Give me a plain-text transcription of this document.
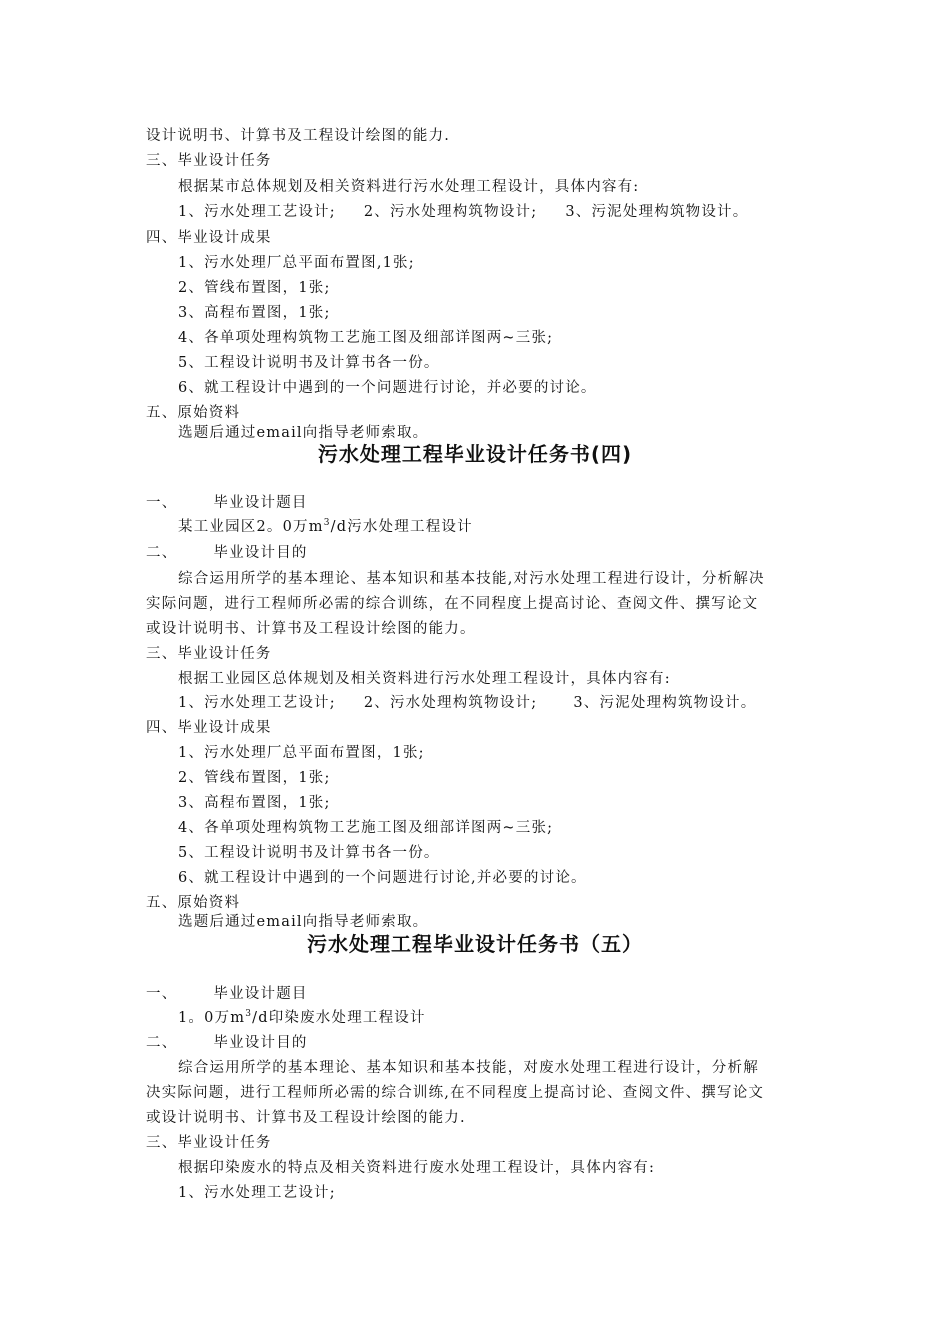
设计说明书、计算书及工程设计绘图的能力.
三、毕业设计任务
根据某市总体规划及相关资料进行污水处理工程设计，具体内容有:
1、污水处理工艺设计; 2、污水处理构筑物设计; 3、污泥处理构筑物设计。
四、毕业设计成果
1、污水处理厂总平面布置图,1张;
2、管线布置图，1张;
3、高程布置图，1张;
4、各单项处理构筑物工艺施工图及细部详图两~三张;
5、工程设计说明书及计算书各一份。
6、就工程设计中遇到的一个问题进行讨论，并必要的讨论。
五、原始资料
选题后通过email向指导老师索取。
污水处理工程毕业设计任务书(四)
一、 毕业设计题目
某工业园区2。0万$m^3/d$污水处理工程设计
二、 毕业设计目的
综合运用所学的基本理论、基本知识和基本技能,对污水处理工程进行设计，分析解决
实际问题，进行工程师所必需的综合训练，在不同程度上提高讨论、查阅文件、撰写论文
或设计说明书、计算书及工程设计绘图的能力。
三、毕业设计任务
根据工业园区总体规划及相关资料进行污水处理工程设计，具体内容有:
1、污水处理工艺设计; 2、污水处理构筑物设计; 3、污泥处理构筑物设计。
四、毕业设计成果
1、污水处理厂总平面布置图，1张;
2、管线布置图，1张;
3、高程布置图，1张;
4、各单项处理构筑物工艺施工图及细部详图两~三张;
5、工程设计说明书及计算书各一份。
6、就工程设计中遇到的一个问题进行讨论,并必要的讨论。
五、原始资料
选题后通过email向指导老师索取。
污水处理工程毕业设计任务书（五）
一、 毕业设计题目
1。0万$m^3/d$印染废水处理工程设计
二、 毕业设计目的
综合运用所学的基本理论、基本知识和基本技能，对废水处理工程进行设计，分析解
决实际问题，进行工程师所必需的综合训练,在不同程度上提高讨论、查阅文件、撰写论文
或设计说明书、计算书及工程设计绘图的能力.
三、毕业设计任务
根据印染废水的特点及相关资料进行废水处理工程设计，具体内容有:
1、污水处理工艺设计;
